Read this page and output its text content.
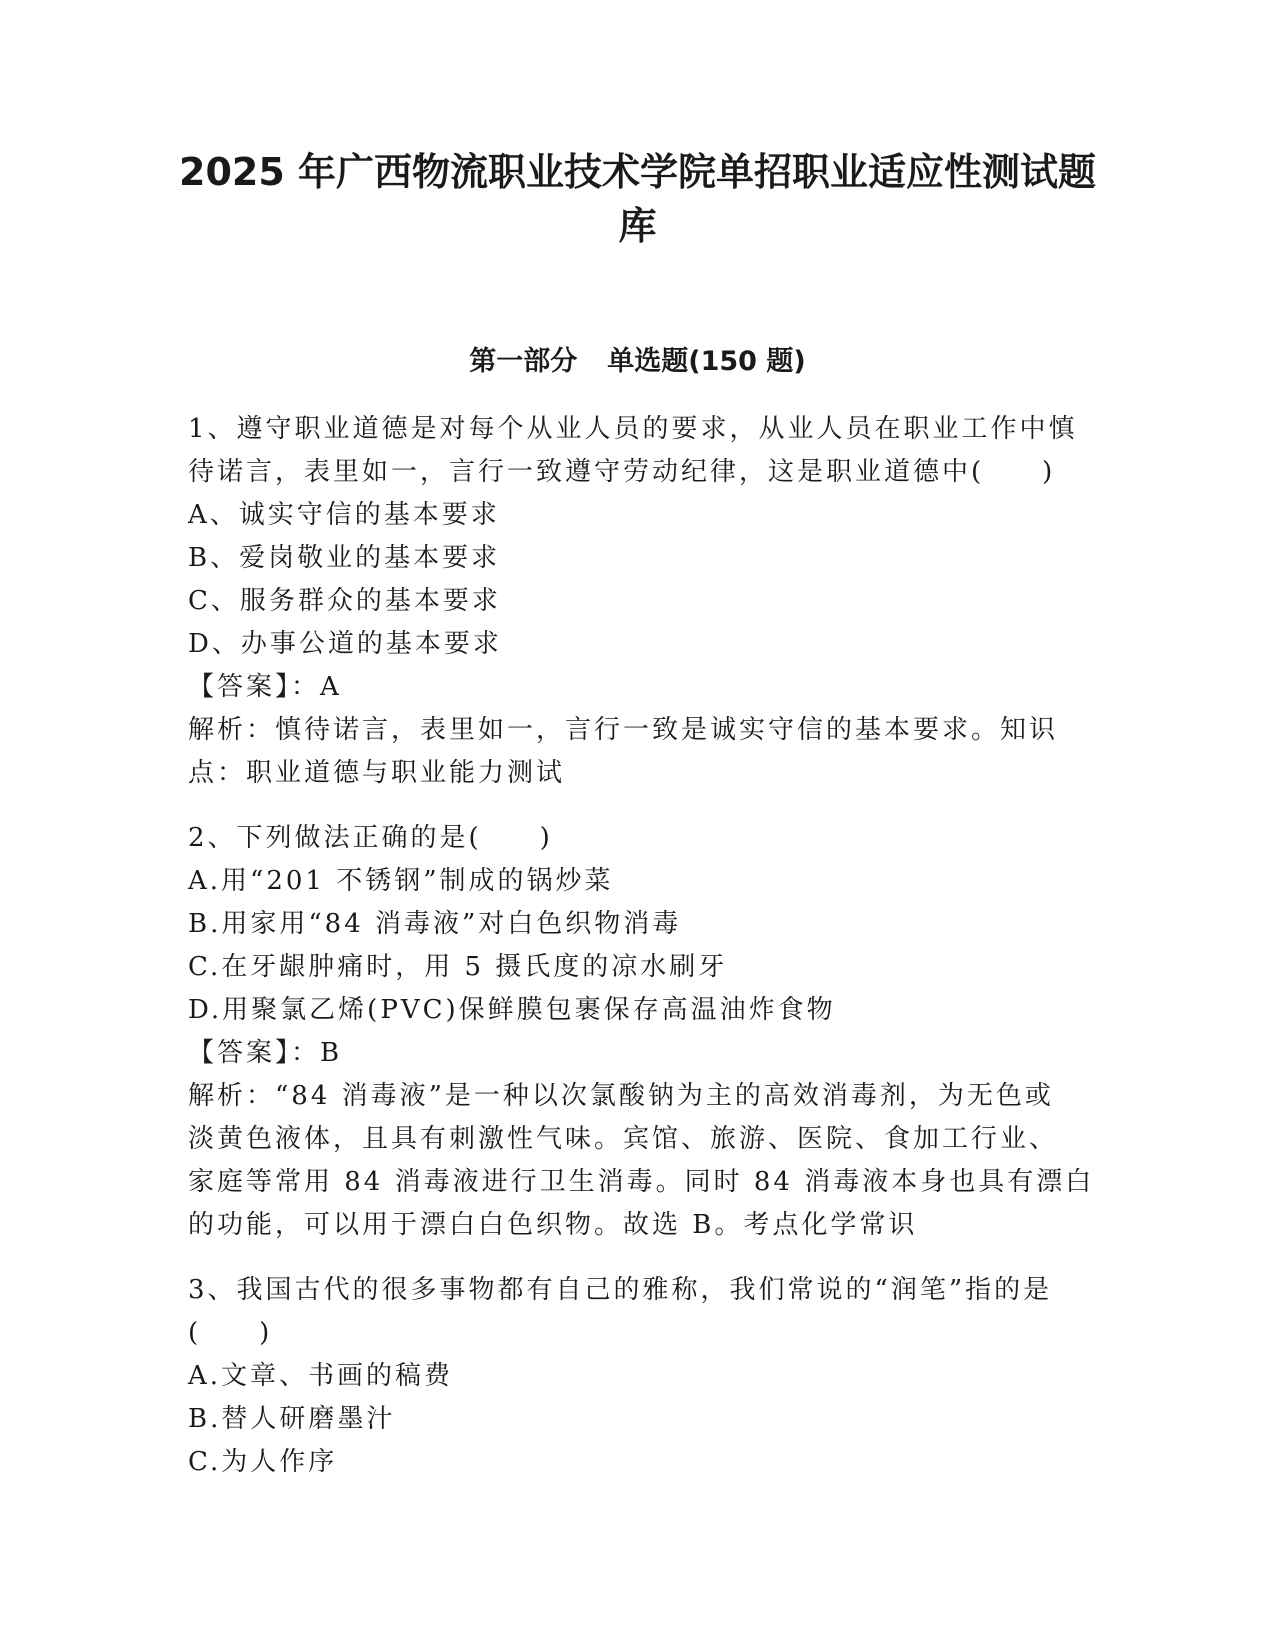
2025 年广西物流职业技术学院单招职业适应性测试题
库
第一部分 单选题(150 题)
1、遵守职业道德是对每个从业人员的要求，从业人员在职业工作中慎
待诺言，表里如一，言行一致遵守劳动纪律，这是职业道德中(　　)
A、诚实守信的基本要求
B、爱岗敬业的基本要求
C、服务群众的基本要求
D、办事公道的基本要求
【答案】：A
解析：慎待诺言，表里如一，言行一致是诚实守信的基本要求。知识
点：职业道德与职业能力测试
2、下列做法正确的是(　　)
A.用“201 不锈钢”制成的锅炒菜
B.用家用“84 消毒液”对白色织物消毒
C.在牙龈肿痛时，用 5 摄氏度的凉水刷牙
D.用聚氯乙烯(PVC)保鲜膜包裹保存高温油炸食物
【答案】：B
解析：“84 消毒液”是一种以次氯酸钠为主的高效消毒剂，为无色或
淡黄色液体，且具有刺激性气味。宾馆、旅游、医院、食加工行业、
家庭等常用 84 消毒液进行卫生消毒。同时 84 消毒液本身也具有漂白
的功能，可以用于漂白白色织物。故选 B。考点化学常识
3、我国古代的很多事物都有自己的雅称，我们常说的“润笔”指的是
(　　)
A.文章、书画的稿费
B.替人研磨墨汁
C.为人作序
